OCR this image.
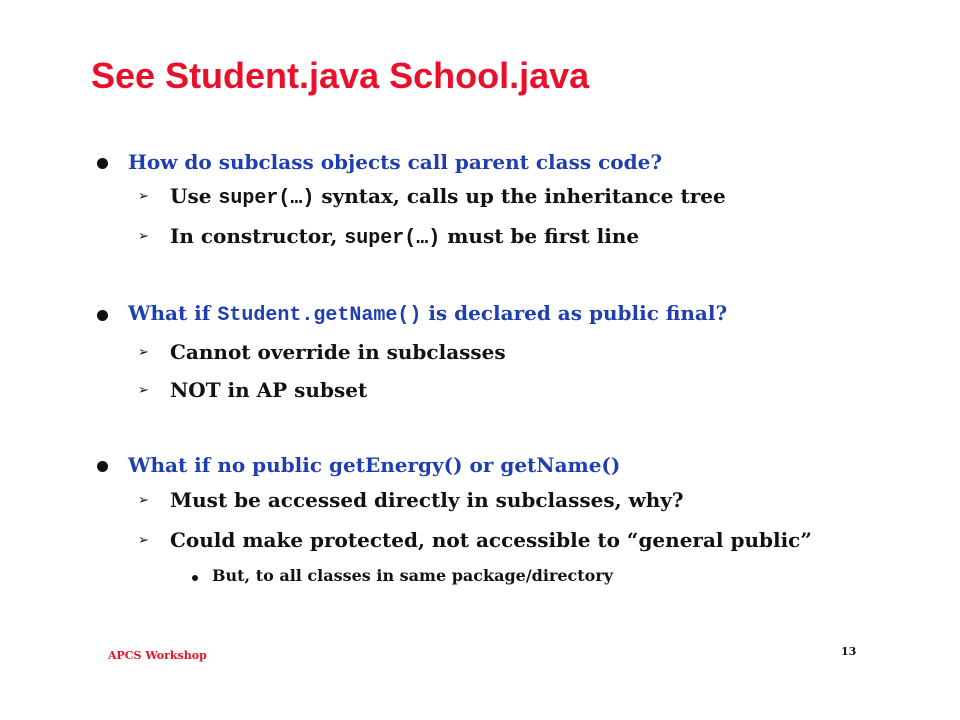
See Student.java School.java
How do subclass objects call parent class code?
➢ Use super(…) syntax, calls up the inheritance tree
➢ In constructor, super(…) must be first line
What if Student.getName() is declared as public final?
➢ Cannot override in subclasses
➢ NOT in AP subset
What if no public getEnergy() or getName()
➢ Must be accessed directly in subclasses, why?
➢ Could make protected, not accessible to “general public”
But, to all classes in same package/directory
APCS Workshop	13
